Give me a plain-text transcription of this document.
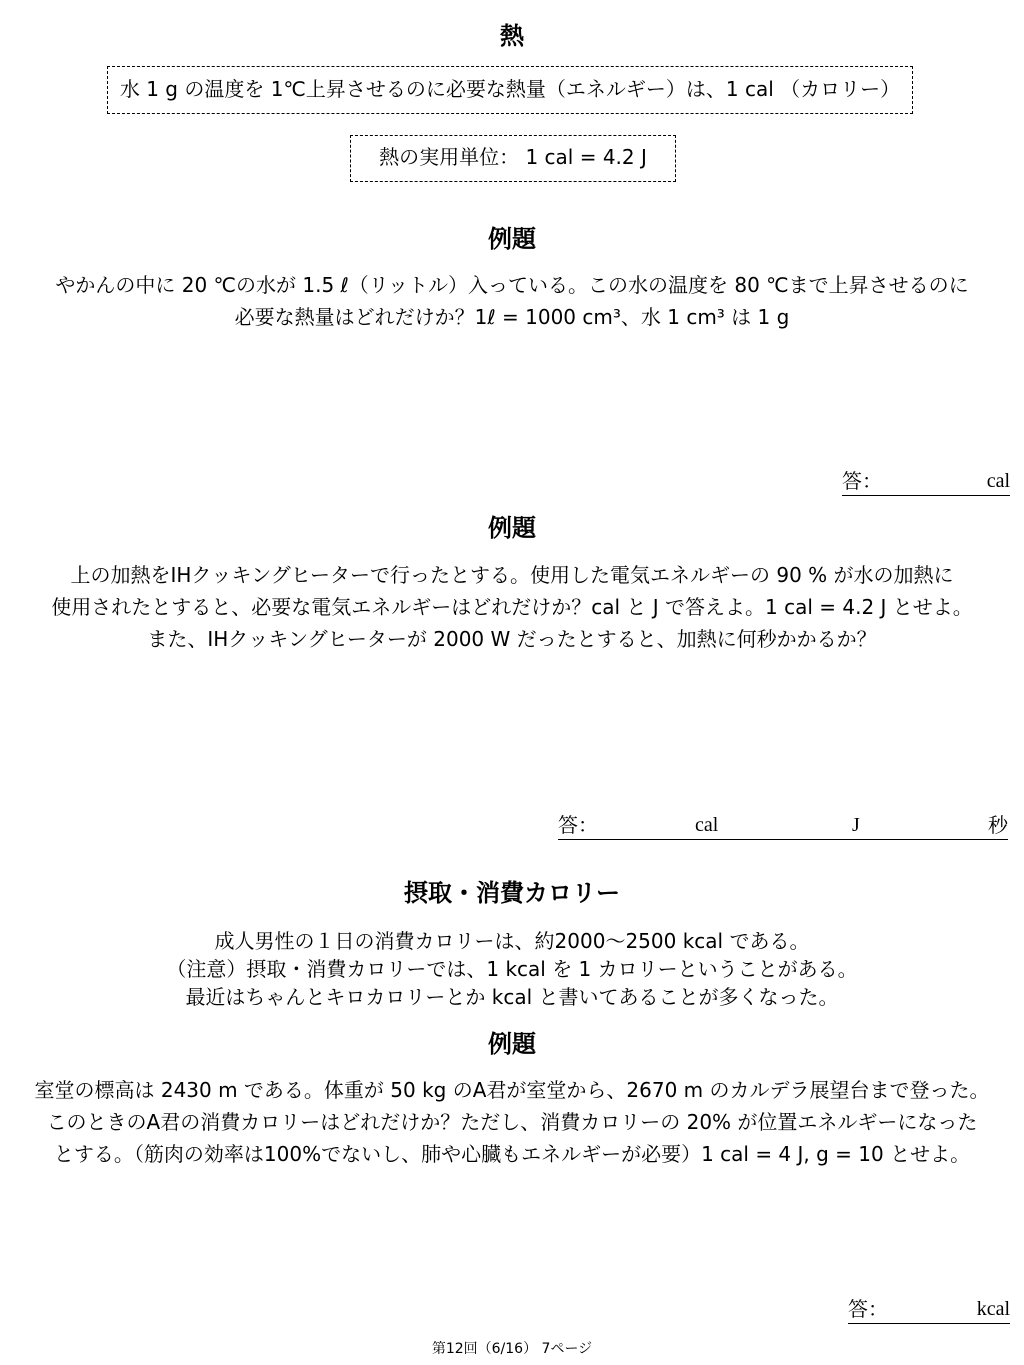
熱
水 1 g の温度を 1℃上昇させるのに必要な熱量（エネルギー）は、1 cal （カロリー）
熱の実用単位： 1 cal = 4.2 J
例題
やかんの中に 20 ℃の水が 1.5 ℓ（リットル）入っている。この水の温度を 80 ℃まで上昇させるのに
必要な熱量はどれだけか？1ℓ = 1000 cm³、水 1 cm³ は 1 g
答：	cal
例題
上の加熱をIHクッキングヒーターで行ったとする。使用した電気エネルギーの 90 % が水の加熱に
使用されたとすると、必要な電気エネルギーはどれだけか？cal と J で答えよ。1 cal = 4.2 J とせよ。
また、IHクッキングヒーターが 2000 W だったとすると、加熱に何秒かかるか？
答：	cal	J	秒
摂取・消費カロリー
成人男性の１日の消費カロリーは、約2000〜2500 kcal である。
（注意）摂取・消費カロリーでは、1 kcal を 1 カロリーということがある。
最近はちゃんとキロカロリーとか kcal と書いてあることが多くなった。
例題
室堂の標高は 2430 m である。体重が 50 kg のA君が室堂から、2670 m のカルデラ展望台まで登った。
このときのA君の消費カロリーはどれだけか？ただし、消費カロリーの 20% が位置エネルギーになった
とする。（筋肉の効率は100%でないし、肺や心臓もエネルギーが必要）1 cal = 4 J, g = 10 とせよ。
答：	kcal
第12回（6/16） 7ページ
